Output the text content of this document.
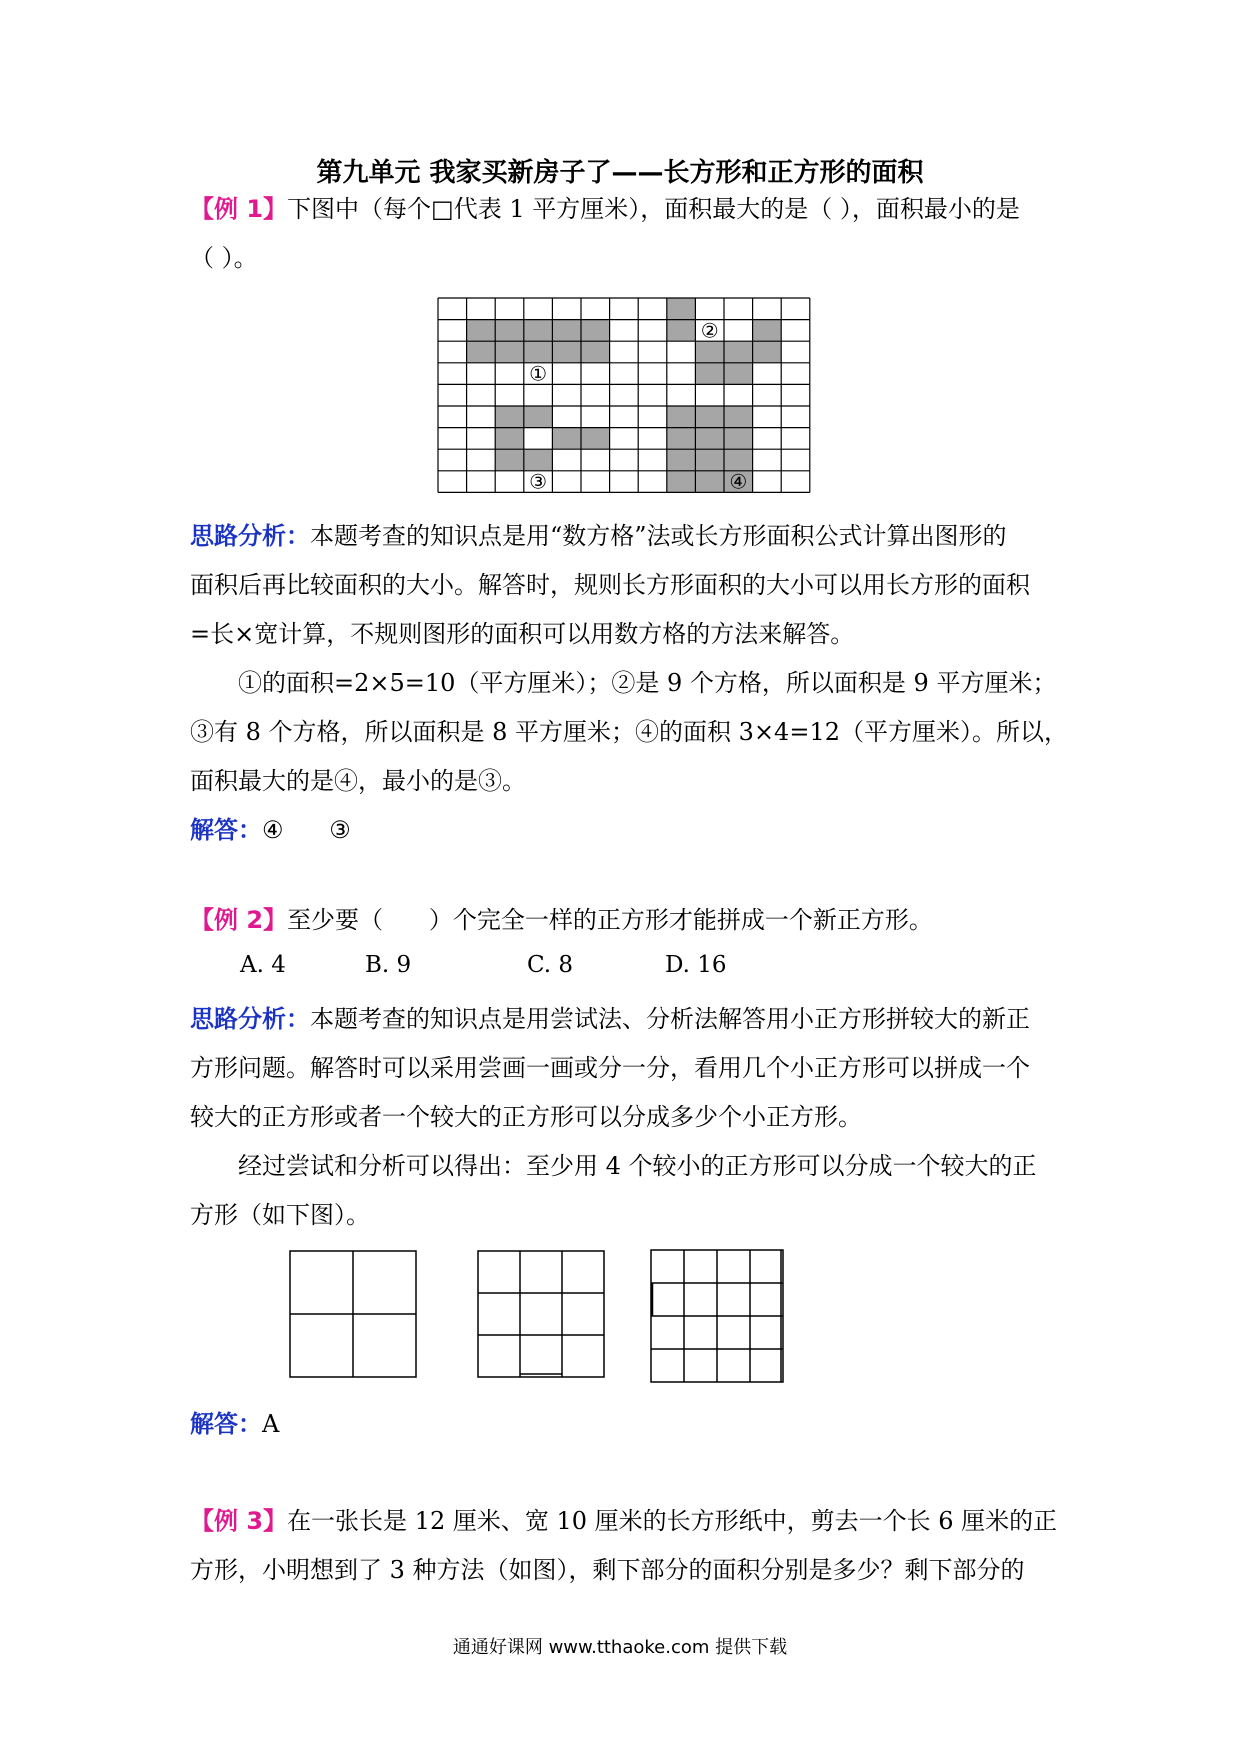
第九单元 我家买新房子了——长方形和正方形的面积
【例 1】下图中（每个□代表 1 平方厘米），面积最大的是（ ），面积最小的是
（ ）。
①
②
③	④
思路分析：本题考查的知识点是用“数方格”法或长方形面积公式计算出图形的
面积后再比较面积的大小。解答时，规则长方形面积的大小可以用长方形的面积
=长×宽计算，不规则图形的面积可以用数方格的方法来解答。
①的面积=2×5=10（平方厘米）；②是 9 个方格，所以面积是 9 平方厘米；
③有 8 个方格，所以面积是 8 平方厘米；④的面积 3×4=12（平方厘米）。所以，
面积最大的是④，最小的是③。
解答：④      ③
【例 2】至少要（      ）个完全一样的正方形才能拼成一个新正方形。
A. 4	B. 9	C. 8	D. 16
思路分析：本题考查的知识点是用尝试法、分析法解答用小正方形拼较大的新正
方形问题。解答时可以采用尝画一画或分一分，看用几个小正方形可以拼成一个
较大的正方形或者一个较大的正方形可以分成多少个小正方形。
经过尝试和分析可以得出：至少用 4 个较小的正方形可以分成一个较大的正
方形（如下图）。
解答：A
【例 3】在一张长是 12 厘米、宽 10 厘米的长方形纸中，剪去一个长 6 厘米的正
方形，小明想到了 3 种方法（如图），剩下部分的面积分别是多少？剩下部分的
通通好课网 www.tthaoke.com 提供下载
